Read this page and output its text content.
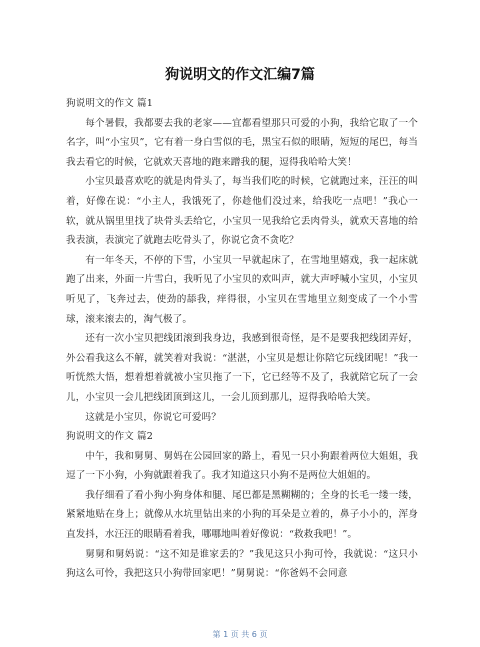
狗说明文的作文汇编7篇

狗说明文的作文 篇1

每个暑假，我都要去我的老家——宜都看望那只可爱的小狗，我给它取了一个名字，叫“小宝贝”，它有着一身白雪似的毛，黑宝石似的眼睛，短短的尾巴，每当我去看它的时候，它就欢天喜地的跑来蹭我的腿，逗得我哈哈大笑！

小宝贝最喜欢吃的就是肉骨头了，每当我们吃的时候，它就跑过来，汪汪的叫着，好像在说：“小主人，我饿死了，你趁他们没过来，给我吃一点吧！”我心一软，就从锅里里找了块骨头丢给它，小宝贝一见我给它丢肉骨头，就欢天喜地的给我表演，表演完了就跑去吃骨头了，你说它贪不贪吃？

有一年冬天，不停的下雪，小宝贝一早就起床了，在雪地里嬉戏，我一起床就跑了出来，外面一片雪白，我听见了小宝贝的欢叫声，就大声呼喊小宝贝，小宝贝听见了，飞奔过去，使劲的舔我，痒得很，小宝贝在雪地里立刻变成了一个小雪球，滚来滚去的，淘气极了。

还有一次小宝贝把线团滚到我身边，我感到很奇怪，是不是要我把线团弄好，外公看我这么不解，就笑着对我说：“湛湛，小宝贝是想让你陪它玩线团呢！”我一听恍然大悟，想着想着就被小宝贝拖了一下，它已经等不及了，我就陪它玩了一会儿，小宝贝一会儿把线团顶到这儿，一会儿顶到那儿，逗得我哈哈大笑。

这就是小宝贝，你说它可爱吗？

狗说明文的作文 篇2

中午，我和舅舅、舅妈在公园回家的路上，看见一只小狗跟着两位大姐姐，我逗了一下小狗，小狗就跟着我了。我才知道这只小狗不是两位大姐姐的。

我仔细看了看小狗小狗身体和腿、尾巴都是黑糊糊的；全身的长毛一缕一缕，紧紧地贴在身上；就像从水坑里钻出来的小狗的耳朵是立着的，鼻子小小的，浑身直发抖，水汪汪的眼睛看着我，哪哪地叫着好像说：“救救我吧！”。

舅舅和舅妈说：“这不知是谁家丢的？”我见这只小狗可怜，我就说：“这只小狗这么可怜，我把这只小狗带回家吧！”舅舅说：“你爸妈不会同意

第 1 页 共 6 页
